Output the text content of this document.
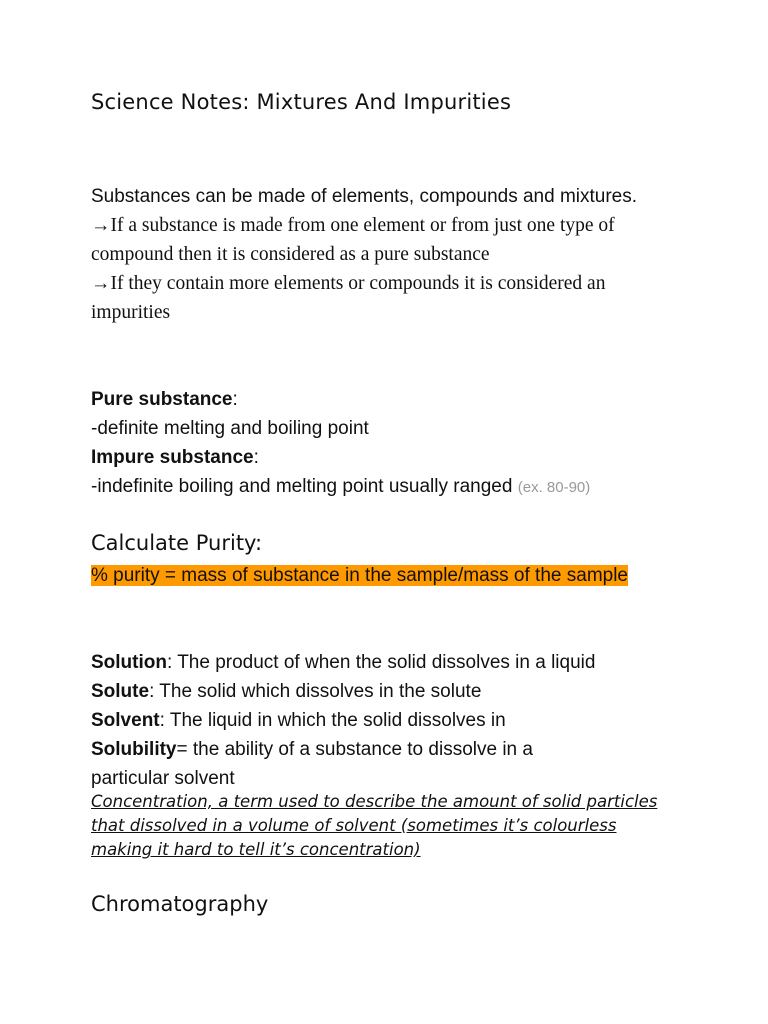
Science Notes: Mixtures And Impurities

Substances can be made of elements, compounds and mixtures.

→If a substance is made from one element or from just one type of compound then it is considered as a pure substance

→If they contain more elements or compounds it is considered an impurities

Pure substance:

-definite melting and boiling point

Impure substance:

-indefinite boiling and melting point usually ranged (ex. 80-90)

Calculate Purity:

% purity = mass of substance in the sample/mass of the sample

Solution: The product of when the solid dissolves in a liquid

Solute: The solid which dissolves in the solute

Solvent: The liquid in which the solid dissolves in

Solubility= the ability of a substance to dissolve in a particular solvent

Concentration, a term used to describe the amount of solid particles that dissolved in a volume of solvent (sometimes it’s colourless making it hard to tell it’s concentration)

Chromatography
